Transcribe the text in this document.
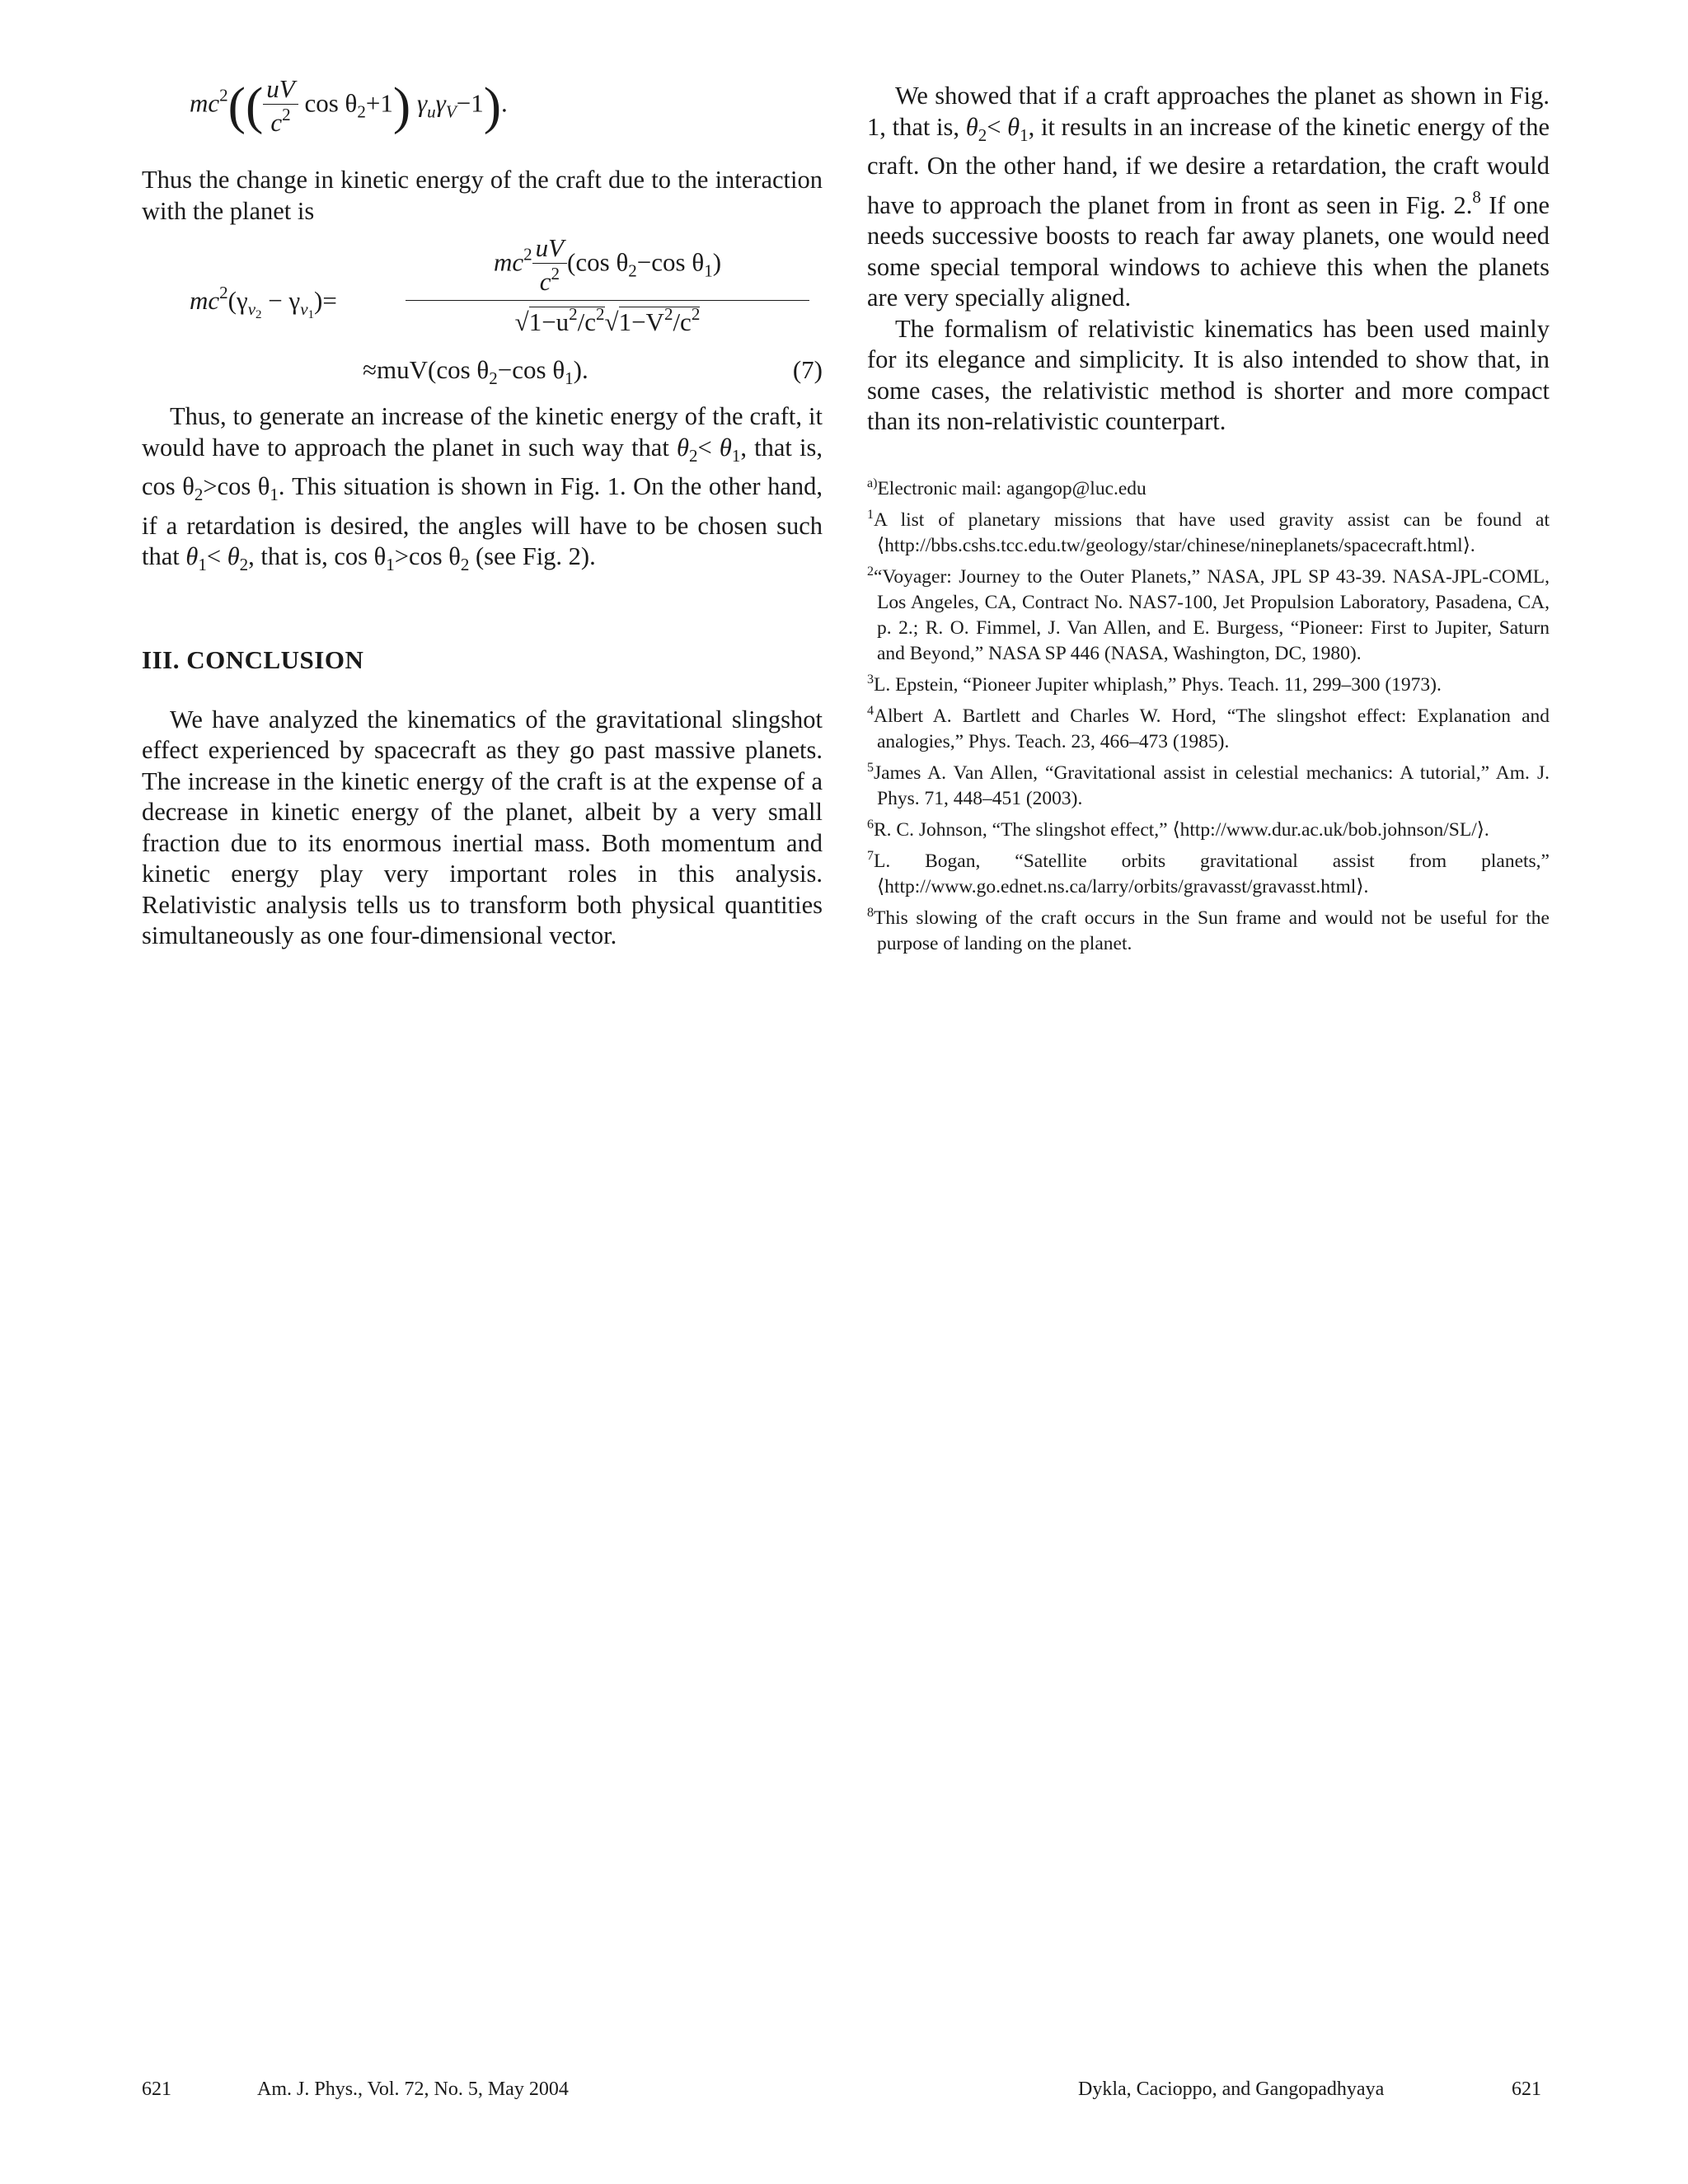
$mc^2(( \frac{uV}{c^2}$ $\cos \theta_2+1$) $\gamma_u\gamma_V-1$).

Thus the change in kinetic energy of the craft due to the interaction with the planet is

$mc^2(\gamma_{v2} - \gamma_{v1})=$
$mc^2 \frac{uV}{c^2} (\cos$ $\theta_2-\cos$ $\theta_1$)
$√1-u^2/c^2√1-V^2/c^2$
≈muV(cos $\theta_2-\cos$ $\theta_1$).	(7)

Thus, to generate an increase of the kinetic energy of the craft, it would have to approach the planet in such way that $\theta_2< \theta_1$, that is, $\cos \theta_2>\cos$ $\theta_1$. This situation is shown in Fig. 1. On the other hand, if a retardation is desired, the angles will have to be chosen such that $\theta_1< \theta_2$, that is, $\cos \theta_1>\cos$ $\theta_2$ (see Fig. 2).

III. CONCLUSION

We have analyzed the kinematics of the gravitational slingshot effect experienced by spacecraft as they go past massive planets. The increase in the kinetic energy of the craft is at the expense of a decrease in kinetic energy of the planet, albeit by a very small fraction due to its enormous inertial mass. Both momentum and kinetic energy play very important roles in this analysis. Relativistic analysis tells us to transform both physical quantities simultaneously as one four-dimensional vector.

We showed that if a craft approaches the planet as shown in Fig. 1, that is, $\theta_2< \theta_1$, it results in an increase of the kinetic energy of the craft. On the other hand, if we desire a retardation, the craft would have to approach the planet from in front as seen in Fig. 2.$^8$ If one needs successive boosts to reach far away planets, one would need some special temporal windows to achieve this when the planets are very specially aligned.

The formalism of relativistic kinematics has been used mainly for its elegance and simplicity. It is also intended to show that, in some cases, the relativistic method is shorter and more compact than its non-relativistic counterpart.

$^{a)}$Electronic mail: agangop@luc.edu

$^1$A list of planetary missions that have used gravity assist can be found at ⟨http://bbs.cshs.tcc.edu.tw/geology/star/chinese/nineplanets/spacecraft.html⟩.

$^2$“Voyager: Journey to the Outer Planets,” NASA, JPL SP 43-39. NASA-JPL-COML, Los Angeles, CA, Contract No. NAS7-100, Jet Propulsion Laboratory, Pasadena, CA, p. 2.; R. O. Fimmel, J. Van Allen, and E. Burgess, “Pioneer: First to Jupiter, Saturn and Beyond,” NASA SP 446 (NASA, Washington, DC, 1980).

$^3$L. Epstein, “Pioneer Jupiter whiplash,” Phys. Teach. 11, 299–300 (1973).

$^4$Albert A. Bartlett and Charles W. Hord, “The slingshot effect: Explanation and analogies,” Phys. Teach. 23, 466–473 (1985).

$^5$James A. Van Allen, “Gravitational assist in celestial mechanics: A tutorial,” Am. J. Phys. 71, 448–451 (2003).

$^6$R. C. Johnson, “The slingshot effect,” ⟨http://www.dur.ac.uk/bob.johnson/SL/⟩.

$^7$L. Bogan, “Satellite orbits gravitational assist from planets,” ⟨http://www.go.ednet.ns.ca/larry/orbits/gravasst/gravasst.html⟩.

$^8$This slowing of the craft occurs in the Sun frame and would not be useful for the purpose of landing on the planet.

621	Am. J. Phys., Vol. 72, No. 5, May 2004	Dykla, Cacioppo, and Gangopadhyaya	621
